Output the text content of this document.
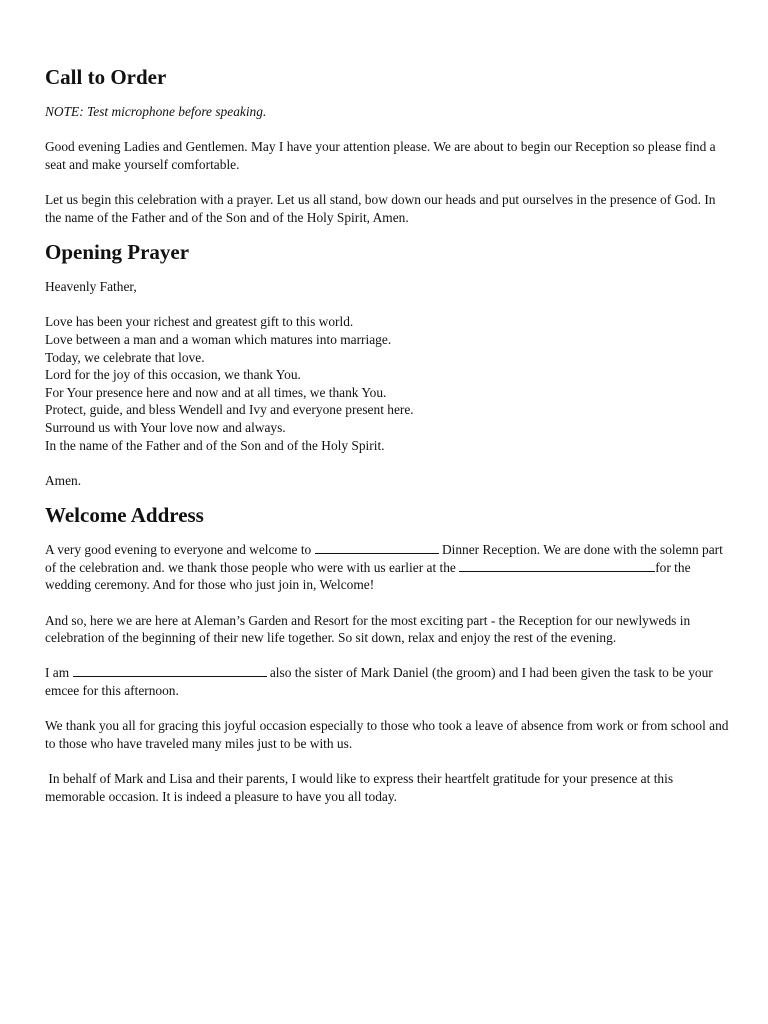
Call to Order

NOTE: Test microphone before speaking.

Good evening Ladies and Gentlemen. May I have your attention please. We are about to begin our Reception so please find a seat and make yourself comfortable.

Let us begin this celebration with a prayer. Let us all stand, bow down our heads and put ourselves in the presence of God. In the name of the Father and of the Son and of the Holy Spirit, Amen.

Opening Prayer

Heavenly Father,

Love has been your richest and greatest gift to this world.
Love between a man and a woman which matures into marriage.
Today, we celebrate that love.
Lord for the joy of this occasion, we thank You.
For Your presence here and now and at all times, we thank You.
Protect, guide, and bless Wendell and Ivy and everyone present here.
Surround us with Your love now and always.
In the name of the Father and of the Son and of the Holy Spirit.

Amen.

Welcome Address

A very good evening to everyone and welcome to	Dinner Reception. We are done with the solemn part of the celebration and. we thank those people who were with us earlier at the	for the wedding ceremony. And for those who just join in, Welcome!

And so, here we are here at Aleman’s Garden and Resort for the most exciting part - the Reception for our newlyweds in celebration of the beginning of their new life together. So sit down, relax and enjoy the rest of the evening.

I am	also the sister of Mark Daniel (the groom) and I had been given the task to be your emcee for this afternoon.

We thank you all for gracing this joyful occasion especially to those who took a leave of absence from work or from school and to those who have traveled many miles just to be with us.

In behalf of Mark and Lisa and their parents, I would like to express their heartfelt gratitude for your presence at this memorable occasion. It is indeed a pleasure to have you all today.
